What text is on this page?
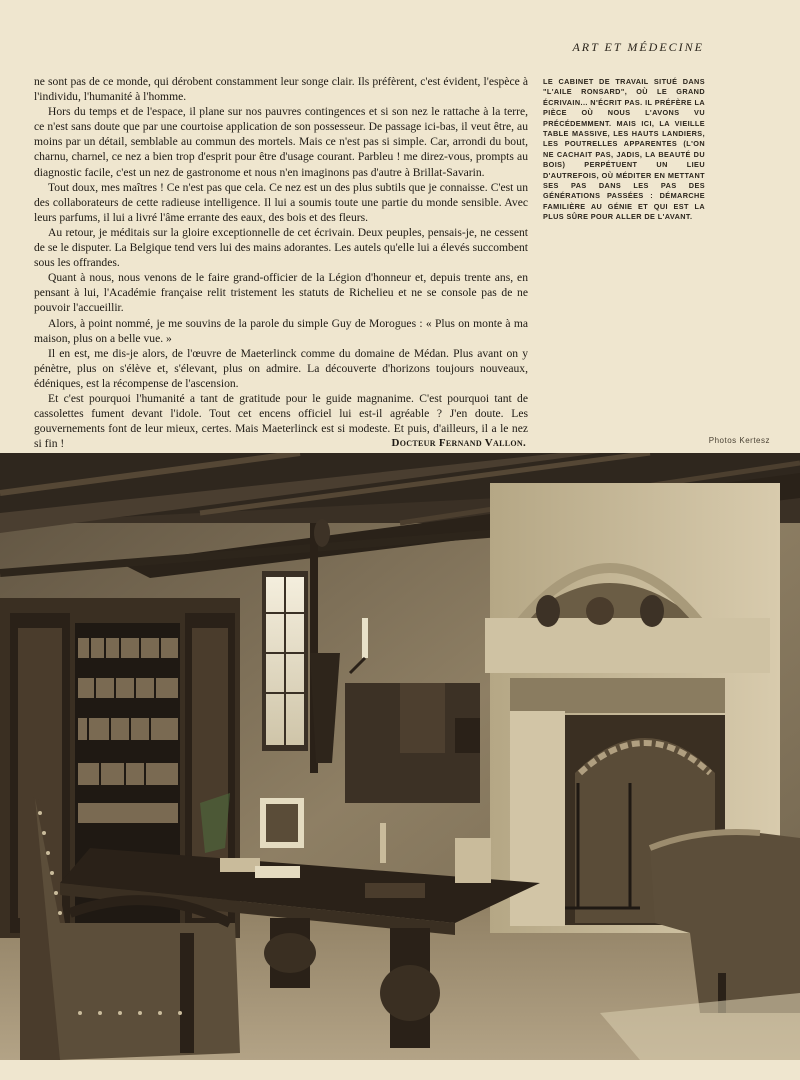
ART ET MÉDECINE

ne sont pas de ce monde, qui dérobent constamment leur songe clair. Ils préfèrent, c'est évident, l'espèce à l'individu, l'humanité à l'homme.

Hors du temps et de l'espace, il plane sur nos pauvres contingences et si son nez le rattache à la terre, ce n'est sans doute que par une courtoise application de son possesseur. De passage ici-bas, il veut être, au moins par un détail, semblable au commun des mortels. Mais ce n'est pas si simple. Car, arrondi du bout, charnu, charnel, ce nez a bien trop d'esprit pour être d'usage courant. Parbleu ! me direz-vous, prompts au diagnostic facile, c'est un nez de gastronome et nous n'en imaginons pas d'autre à Brillat-Savarin.

Tout doux, mes maîtres ! Ce n'est pas que cela. Ce nez est un des plus subtils que je connaisse. C'est un des collaborateurs de cette radieuse intelligence. Il lui a soumis toute une partie du monde sensible. Avec leurs parfums, il lui a livré l'âme errante des eaux, des bois et des fleurs.

Au retour, je méditais sur la gloire exceptionnelle de cet écrivain. Deux peuples, pensais-je, ne cessent de se le disputer. La Belgique tend vers lui des mains adorantes. Les autels qu'elle lui a élevés succombent sous les offrandes.

Quant à nous, nous venons de le faire grand-officier de la Légion d'honneur et, depuis trente ans, en pensant à lui, l'Académie française relit tristement les statuts de Richelieu et ne se console pas de ne pouvoir l'accueillir.

Alors, à point nommé, je me souvins de la parole du simple Guy de Morogues : « Plus on monte à ma maison, plus on a belle vue. »

Il en est, me dis-je alors, de l'œuvre de Maeterlinck comme du domaine de Médan. Plus avant on y pénètre, plus on s'élève et, s'élevant, plus on admire. La découverte d'horizons toujours nouveaux, édéniques, est la récompense de l'ascension.

Et c'est pourquoi l'humanité a tant de gratitude pour le guide magnanime. C'est pourquoi tant de cassolettes fument devant l'idole. Tout cet encens officiel lui est-il agréable ? J'en doute. Les gouvernements font de leur mieux, certes. Mais Maeterlinck est si modeste. Et puis, d'ailleurs, il a le nez si fin !	Docteur Fernand Vallon.
LE CABINET DE TRAVAIL SITUÉ DANS "L'AILE RONSARD", OÙ LE GRAND ÉCRIVAIN... N'ÉCRIT PAS. IL PRÉFÈRE LA PIÈCE OÙ NOUS L'AVONS VU PRÉCÉDEMMENT. MAIS ICI, LA VIEILLE TABLE MASSIVE, LES HAUTS LANDIERS, LES POUTRELLES APPARENTES (L'ON NE CACHAIT PAS, JADIS, LA BEAUTÉ DU BOIS) PERPÉTUENT UN LIEU D'AUTREFOIS, OÙ MÉDITER EN METTANT SES PAS DANS LES PAS DES GÉNÉRATIONS PASSÉES : DÉMARCHE FAMILIÈRE AU GÉNIE ET QUI EST LA PLUS SÛRE POUR ALLER DE L'AVANT.
Photos Kertesz
